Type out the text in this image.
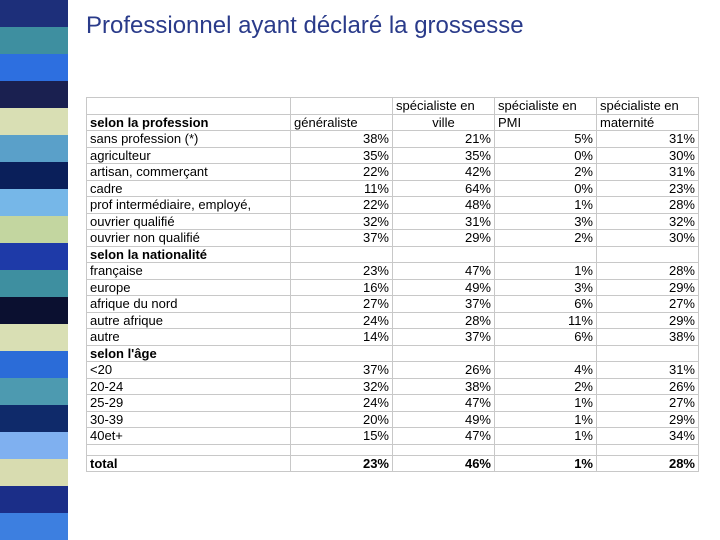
Professionnel ayant déclaré la grossesse
		spécialiste en	spécialiste en	spécialiste en
selon la profession	généraliste	ville	PMI	maternité
sans profession (*)	38%	21%	5%	31%
agriculteur	35%	35%	0%	30%
artisan, commerçant	22%	42%	2%	31%
cadre	11%	64%	0%	23%
prof intermédiaire, employé,	22%	48%	1%	28%
ouvrier qualifié	32%	31%	3%	32%
ouvrier non qualifié	37%	29%	2%	30%
selon la nationalité				
française	23%	47%	1%	28%
europe	16%	49%	3%	29%
afrique du nord	27%	37%	6%	27%
autre afrique	24%	28%	11%	29%
autre	14%	37%	6%	38%
selon l'âge				
<20	37%	26%	4%	31%
20-24	32%	38%	2%	26%
25-29	24%	47%	1%	27%
30-39	20%	49%	1%	29%
40et+	15%	47%	1%	34%

total	23%	46%	1%	28%
